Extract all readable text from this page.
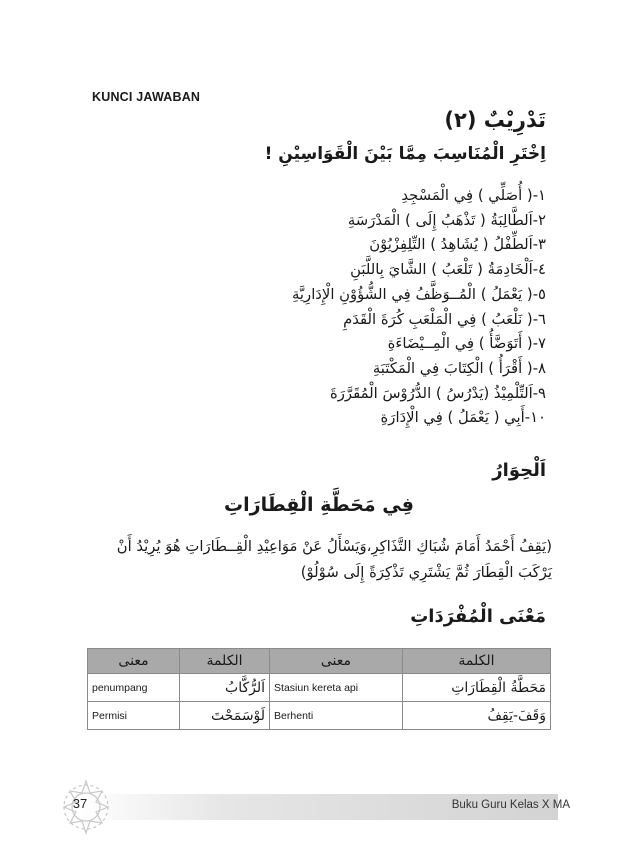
KUNCI JAWABAN
تَدْرِيْبٌ (٢)
اِخْتَرِ الْمُنَاسِبَ مِمَّا بَيْنَ الْقَوَاسِيْنِ !
١-( أُصَلِّي ) فِي الْمَسْجِدِ
٢-اَلطَّالِبَةُ ( تَذْهَبُ إِلَى ) الْمَدْرَسَةِ
٣-اَلطِّفْلُ ( يُشَاهِدُ ) التِّلِفِزْيُوْنَ
٤-اَلْخَادِمَةُ ( تَلْعَبُ ) الشَّايَ بِاللَّبَنِ
٥-( يَعْمَلُ ) الْمُــوَظَّفُ فِي الشُّؤُوْنِ الْإِدَارِيَّةِ
٦-( نَلْعَبُ ) فِي الْمَلْعَبِ كُرَةَ الْقَدَمِ
٧-( أَتَوَضَّأُ ) فِي الْمِــيْضَاءَةِ
٨-( أَقْرَأُ ) الْكِتَابَ فِي الْمَكْتَبَةِ
٩-اَلتِّلْمِيْذُ (يَدْرُسُ ) الدُّرُوْسَ الْمُقَرَّرَةَ
١٠-أَبِي ( يَعْمَلُ ) فِي الْإِدَارَةِ
اَلْحِوَارُ
فِي مَحَطَّةِ الْقِطَارَاتِ
(يَقِفُ أَحْمَدُ أَمَامَ شُبَاكِ التَّذَاكِرِ،وَيَسْأَلُ عَنْ مَوَاعِيْدِ الْقِــطَارَاتِ هُوَ يُرِيْدُ أَنْ يَرْكَبَ الْقِطَارَ ثُمَّ يَشْتَرِي تَذْكِرَةً إِلَى سُوْلُوْ)
مَعْنَى الْمُفْرَدَاتِ
معنى	الكلمة	معنى	الكلمة
penumpang	اَلرُّكَّابُ	Stasiun kereta api	مَحَطَّةُ الْقِطَارَاتِ
Permisi	لَوْسَمَحْتَ	Berhenti	وَقَفَ-يَقِفُ
37	Buku Guru Kelas X MA
